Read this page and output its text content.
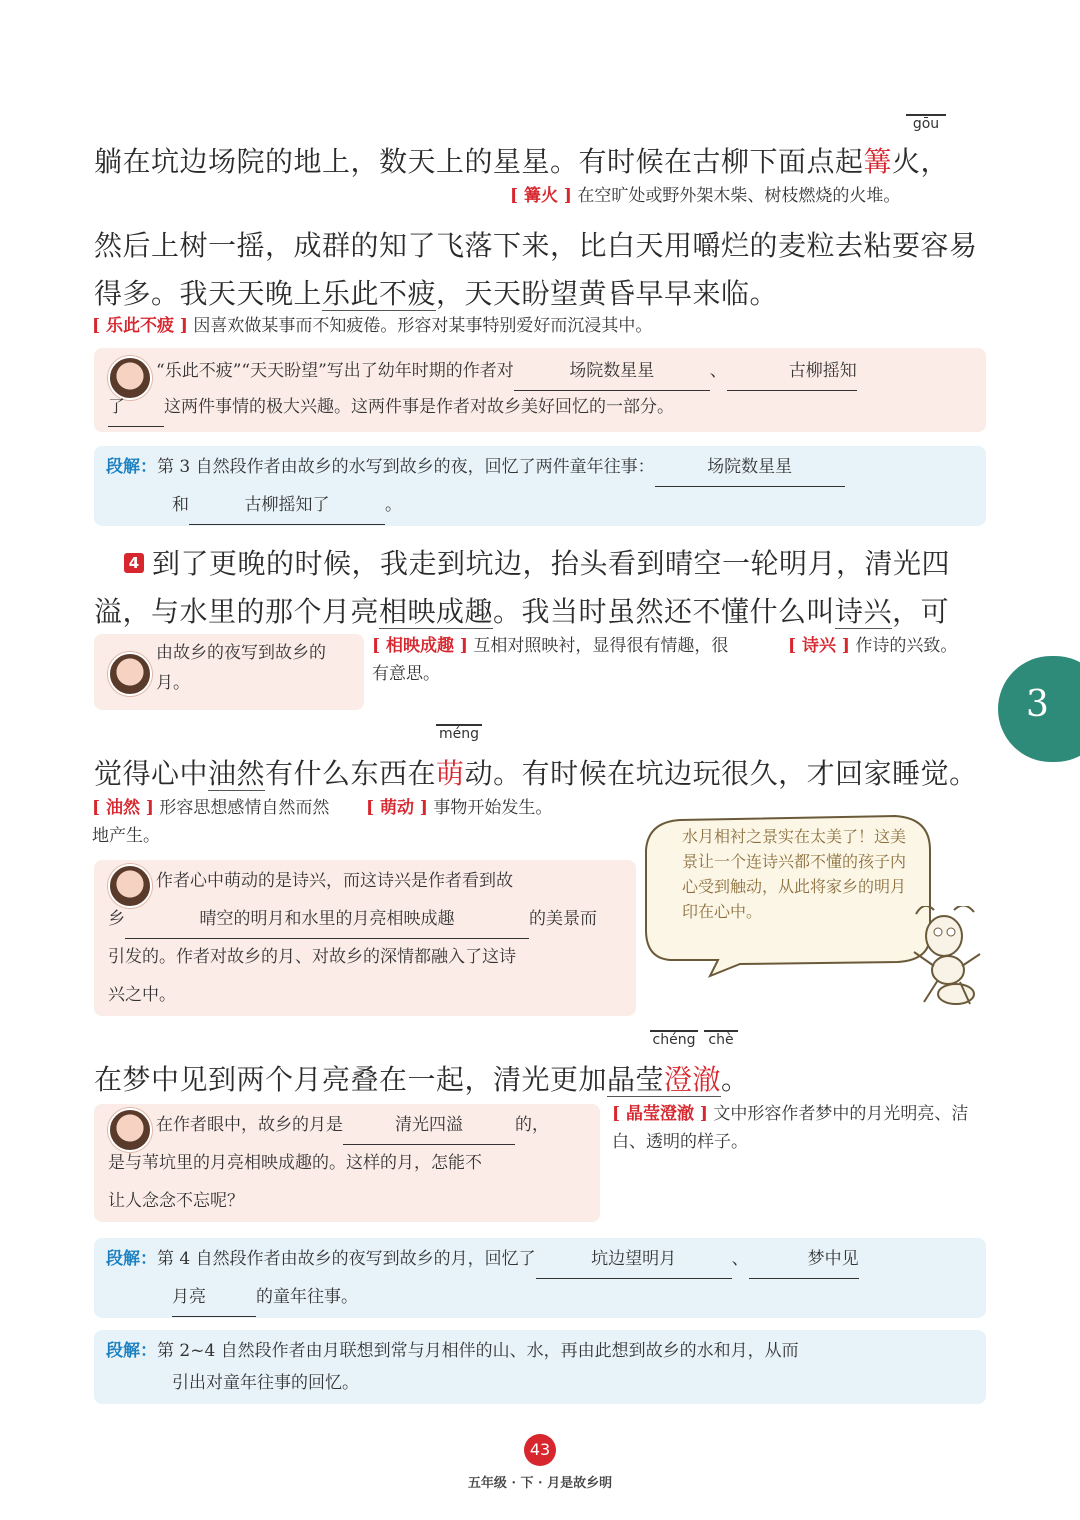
gōu
躺在坑边场院的地上，数天上的星星。有时候在古柳下面点起篝火，
[ 篝火 ] 在空旷处或野外架木柴、树枝燃烧的火堆。
然后上树一摇，成群的知了飞落下来，比白天用嚼烂的麦粒去粘要容易
得多。我天天晚上乐此不疲，天天盼望黄昏早早来临。
[ 乐此不疲 ] 因喜欢做某事而不知疲倦。形容对某事特别爱好而沉浸其中。
“乐此不疲”“天天盼望”写出了幼年时期的作者对	场院数星星	、	古柳摇知
了 这两件事情的极大兴趣。这两件事是作者对故乡美好回忆的一部分。
段解：第 3 自然段作者由故乡的水写到故乡的夜，回忆了两件童年往事：	场院数星星
和	古柳摇知了	。
4 到了更晚的时候，我走到坑边，抬头看到晴空一轮明月，清光四
溢，与水里的那个月亮相映成趣。我当时虽然还不懂什么叫诗兴，可
由故乡的夜写到故乡的月。
[ 相映成趣 ] 互相对照映衬，显得很有情趣，很有意思。
[ 诗兴 ] 作诗的兴致。
3
méng
觉得心中油然有什么东西在萌动。有时候在坑边玩很久，才回家睡觉。
[ 油然 ] 形容思想感情自然而然地产生。
[ 萌动 ] 事物开始发生。
水月相衬之景实在太美了！这美景让一个连诗兴都不懂的孩子内心受到触动，从此将家乡的明月印在心中。
作者心中萌动的是诗兴，而这诗兴是作者看到故
乡	晴空的明月和水里的月亮相映成趣	的美景而
引发的。作者对故乡的月、对故乡的深情都融入了这诗
兴之中。
chéng chè
在梦中见到两个月亮叠在一起，清光更加晶莹澄澈。
在作者眼中，故乡的月是	清光四溢	的，
是与苇坑里的月亮相映成趣的。这样的月，怎能不
让人念念不忘呢？
[ 晶莹澄澈 ] 文中形容作者梦中的月光明亮、洁白、透明的样子。
段解：第 4 自然段作者由故乡的夜写到故乡的月，回忆了	坑边望明月	、	梦中见
月亮	的童年往事。
段解：第 2~4 自然段作者由月联想到常与月相伴的山、水，再由此想到故乡的水和月，从而
引出对童年往事的回忆。
43
五年级 · 下 · 月是故乡明
